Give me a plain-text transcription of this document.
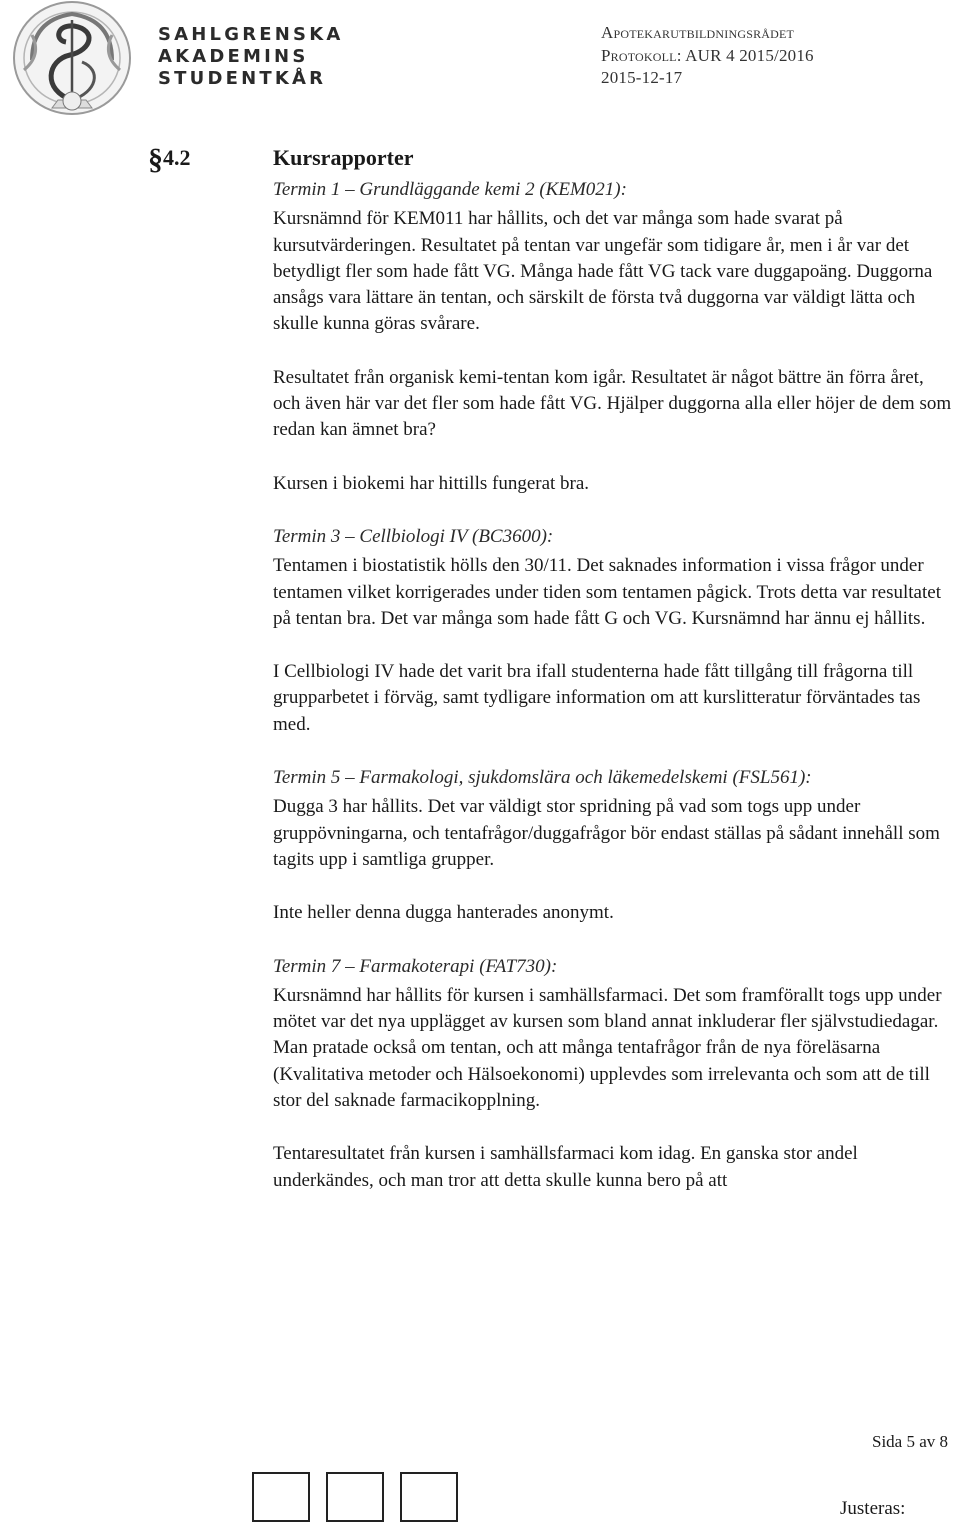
SAHLGRENSKA
AKADEMINS
STUDENTKÅR
Apotekarutbildningsrådet
Protokoll: AUR 4 2015/2016
2015-12-17
§ 4.2	Kursrapporter
Termin 1 – Grundläggande kemi 2 (KEM021):

Kursnämnd för KEM011 har hållits, och det var många som hade svarat på kursutvärderingen. Resultatet på tentan var ungefär som tidigare år, men i år var det betydligt fler som hade fått VG. Många hade fått VG tack vare duggapoäng. Duggorna ansågs vara lättare än tentan, och särskilt de första två duggorna var väldigt lätta och skulle kunna göras svårare.

Resultatet från organisk kemi-tentan kom igår. Resultatet är något bättre än förra året, och även här var det fler som hade fått VG. Hjälper duggorna alla eller höjer de dem som redan kan ämnet bra?

Kursen i biokemi har hittills fungerat bra.

Termin 3 – Cellbiologi IV (BC3600):

Tentamen i biostatistik hölls den 30/11. Det saknades information i vissa frågor under tentamen vilket korrigerades under tiden som tentamen pågick. Trots detta var resultatet på tentan bra. Det var många som hade fått G och VG. Kursnämnd har ännu ej hållits.

I Cellbiologi IV hade det varit bra ifall studenterna hade fått tillgång till frågorna till grupparbetet i förväg, samt tydligare information om att kurslitteratur förväntades tas med.

Termin 5 – Farmakologi, sjukdomslära och läkemedelskemi (FSL561):

Dugga 3 har hållits. Det var väldigt stor spridning på vad som togs upp under gruppövningarna, och tentafrågor/duggafrågor bör endast ställas på sådant innehåll som tagits upp i samtliga grupper.

Inte heller denna dugga hanterades anonymt.

Termin 7 – Farmakoterapi (FAT730):

Kursnämnd har hållits för kursen i samhällsfarmaci. Det som framförallt togs upp under mötet var det nya upplägget av kursen som bland annat inkluderar fler självstudiedagar. Man pratade också om tentan, och att många tentafrågor från de nya föreläsarna (Kvalitativa metoder och Hälsoekonomi) upplevdes som irrelevanta och som att de till stor del saknade farmacikopplning.

Tentaresultatet från kursen i samhällsfarmaci kom idag. En ganska stor andel underkändes, och man tror att detta skulle kunna bero på att

Sida 5 av 8
Justeras:
